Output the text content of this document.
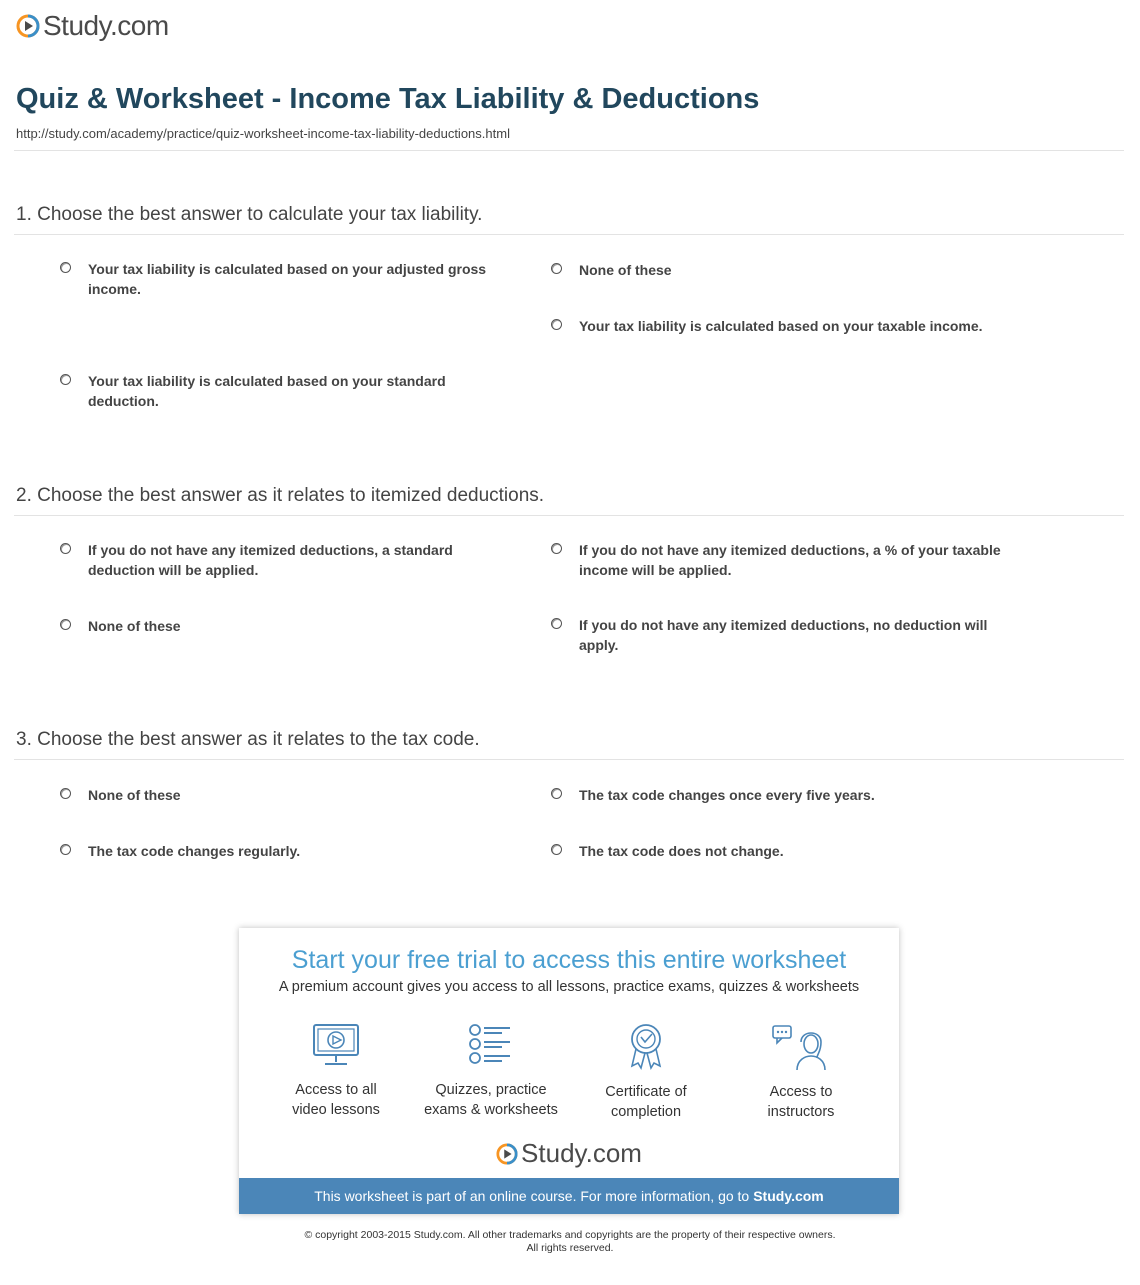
Study.com
Quiz & Worksheet - Income Tax Liability & Deductions
http://study.com/academy/practice/quiz-worksheet-income-tax-liability-deductions.html
1. Choose the best answer to calculate your tax liability.
Your tax liability is calculated based on your adjusted gross income.
None of these
Your tax liability is calculated based on your taxable income.
Your tax liability is calculated based on your standard deduction.
2. Choose the best answer as it relates to itemized deductions.
If you do not have any itemized deductions, a standard deduction will be applied.
If you do not have any itemized deductions, a % of your taxable income will be applied.
None of these	If you do not have any itemized deductions, no deduction will apply.
3. Choose the best answer as it relates to the tax code.
None of these	The tax code changes once every five years.
The tax code changes regularly.	The tax code does not change.
Start your free trial to access this entire worksheet
A premium account gives you access to all lessons, practice exams, quizzes & worksheets
Access to all
video lessons
Quizzes, practice
exams & worksheets
Certificate of
completion
Access to
instructors
Study.com
This worksheet is part of an online course. For more information, go to Study.com
© copyright 2003-2015 Study.com. All other trademarks and copyrights are the property of their respective owners.
All rights reserved.
